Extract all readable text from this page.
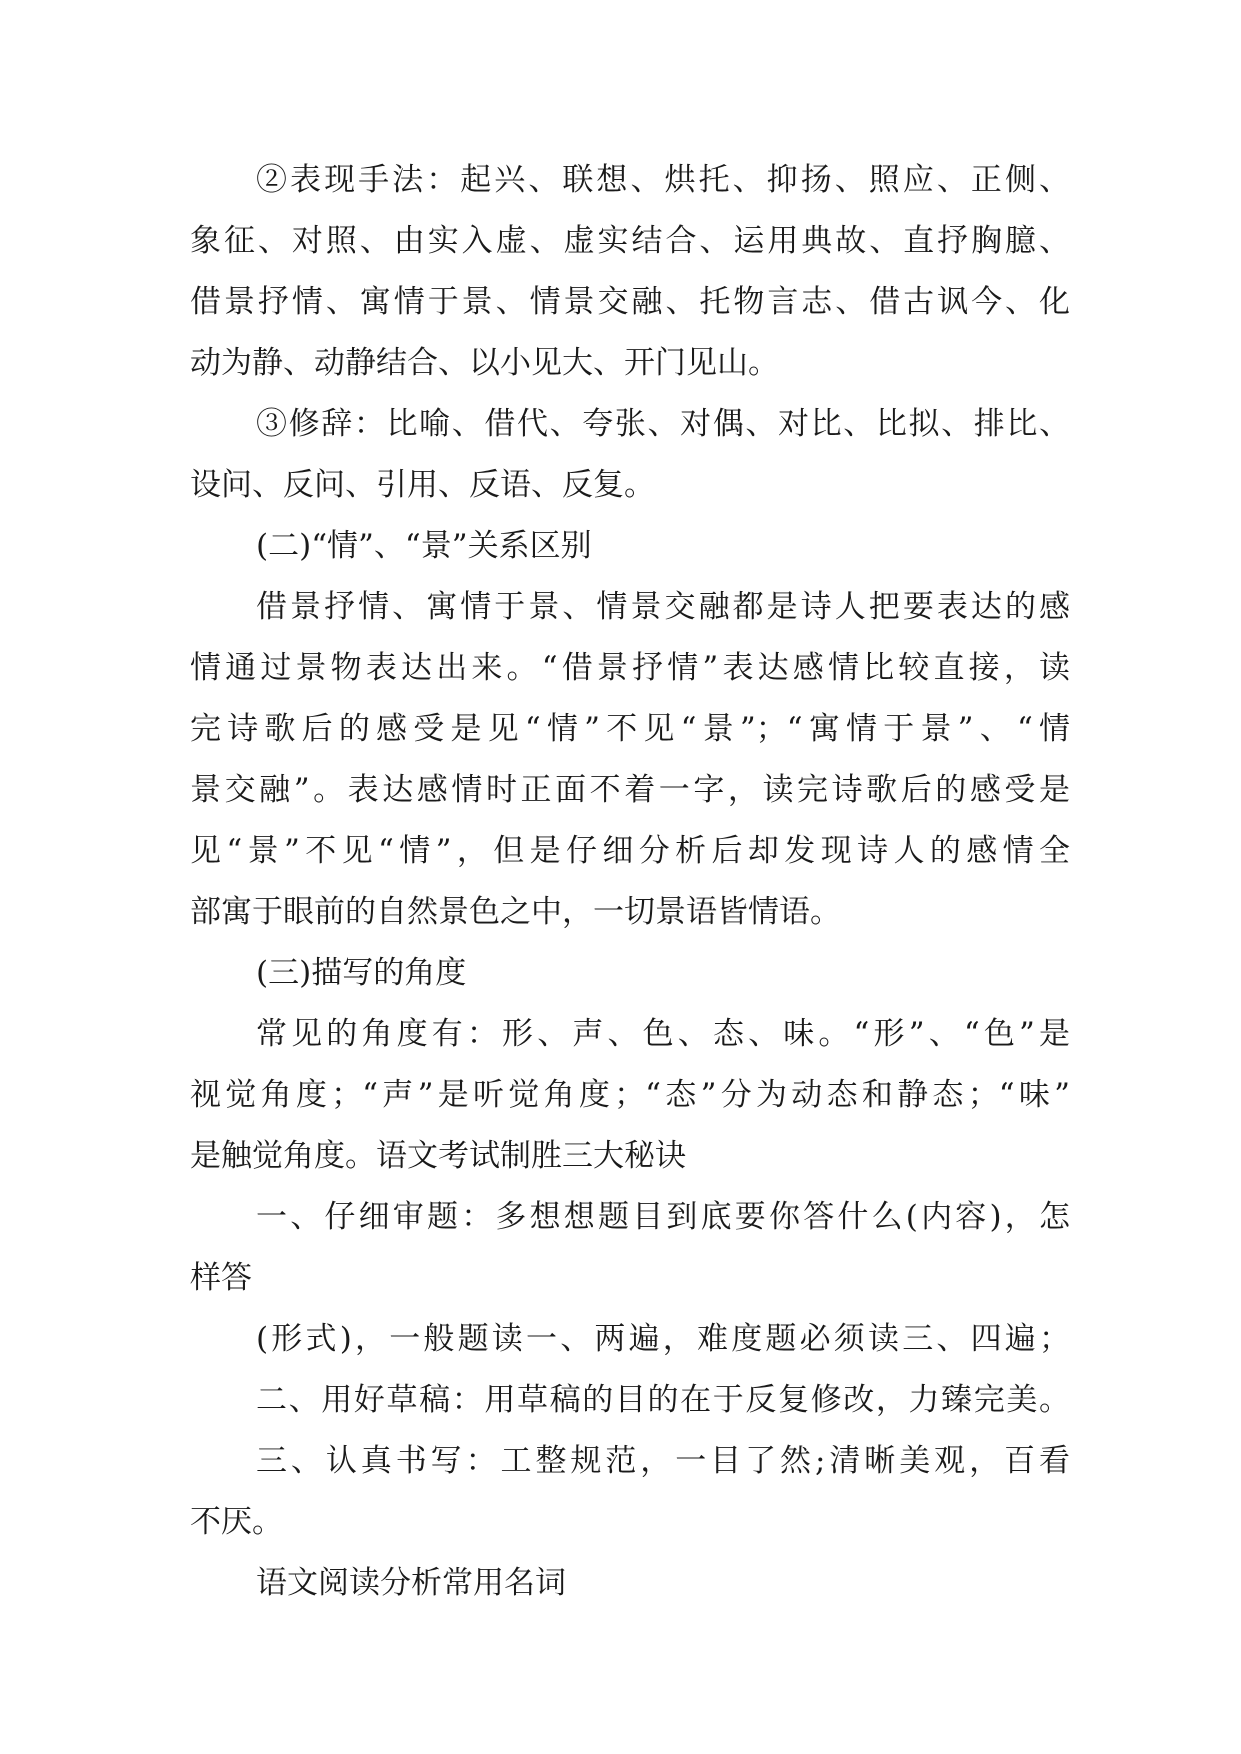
②表现手法：起兴、联想、烘托、抑扬、照应、正侧、
象征、对照、由实入虚、虚实结合、运用典故、直抒胸臆、
借景抒情、寓情于景、情景交融、托物言志、借古讽今、化
动为静、动静结合、以小见大、开门见山。
③修辞：比喻、借代、夸张、对偶、对比、比拟、排比、
设问、反问、引用、反语、反复。
(二)“情”、“景”关系区别
借景抒情、寓情于景、情景交融都是诗人把要表达的感
情通过景物表达出来。“借景抒情”表达感情比较直接，读
完诗歌后的感受是见“情”不见“景”；“寓情于景”、“情
景交融”。表达感情时正面不着一字，读完诗歌后的感受是
见“景”不见“情”，但是仔细分析后却发现诗人的感情全
部寓于眼前的自然景色之中，一切景语皆情语。
(三)描写的角度
常见的角度有：形、声、色、态、味。“形”、“色”是
视觉角度；“声”是听觉角度；“态”分为动态和静态；“味”
是触觉角度。语文考试制胜三大秘诀
一、仔细审题：多想想题目到底要你答什么(内容)，怎
样答
(形式)，一般题读一、两遍，难度题必须读三、四遍；
二、用好草稿：用草稿的目的在于反复修改，力臻完美。
三、认真书写：工整规范，一目了然;清晰美观，百看
不厌。
语文阅读分析常用名词
